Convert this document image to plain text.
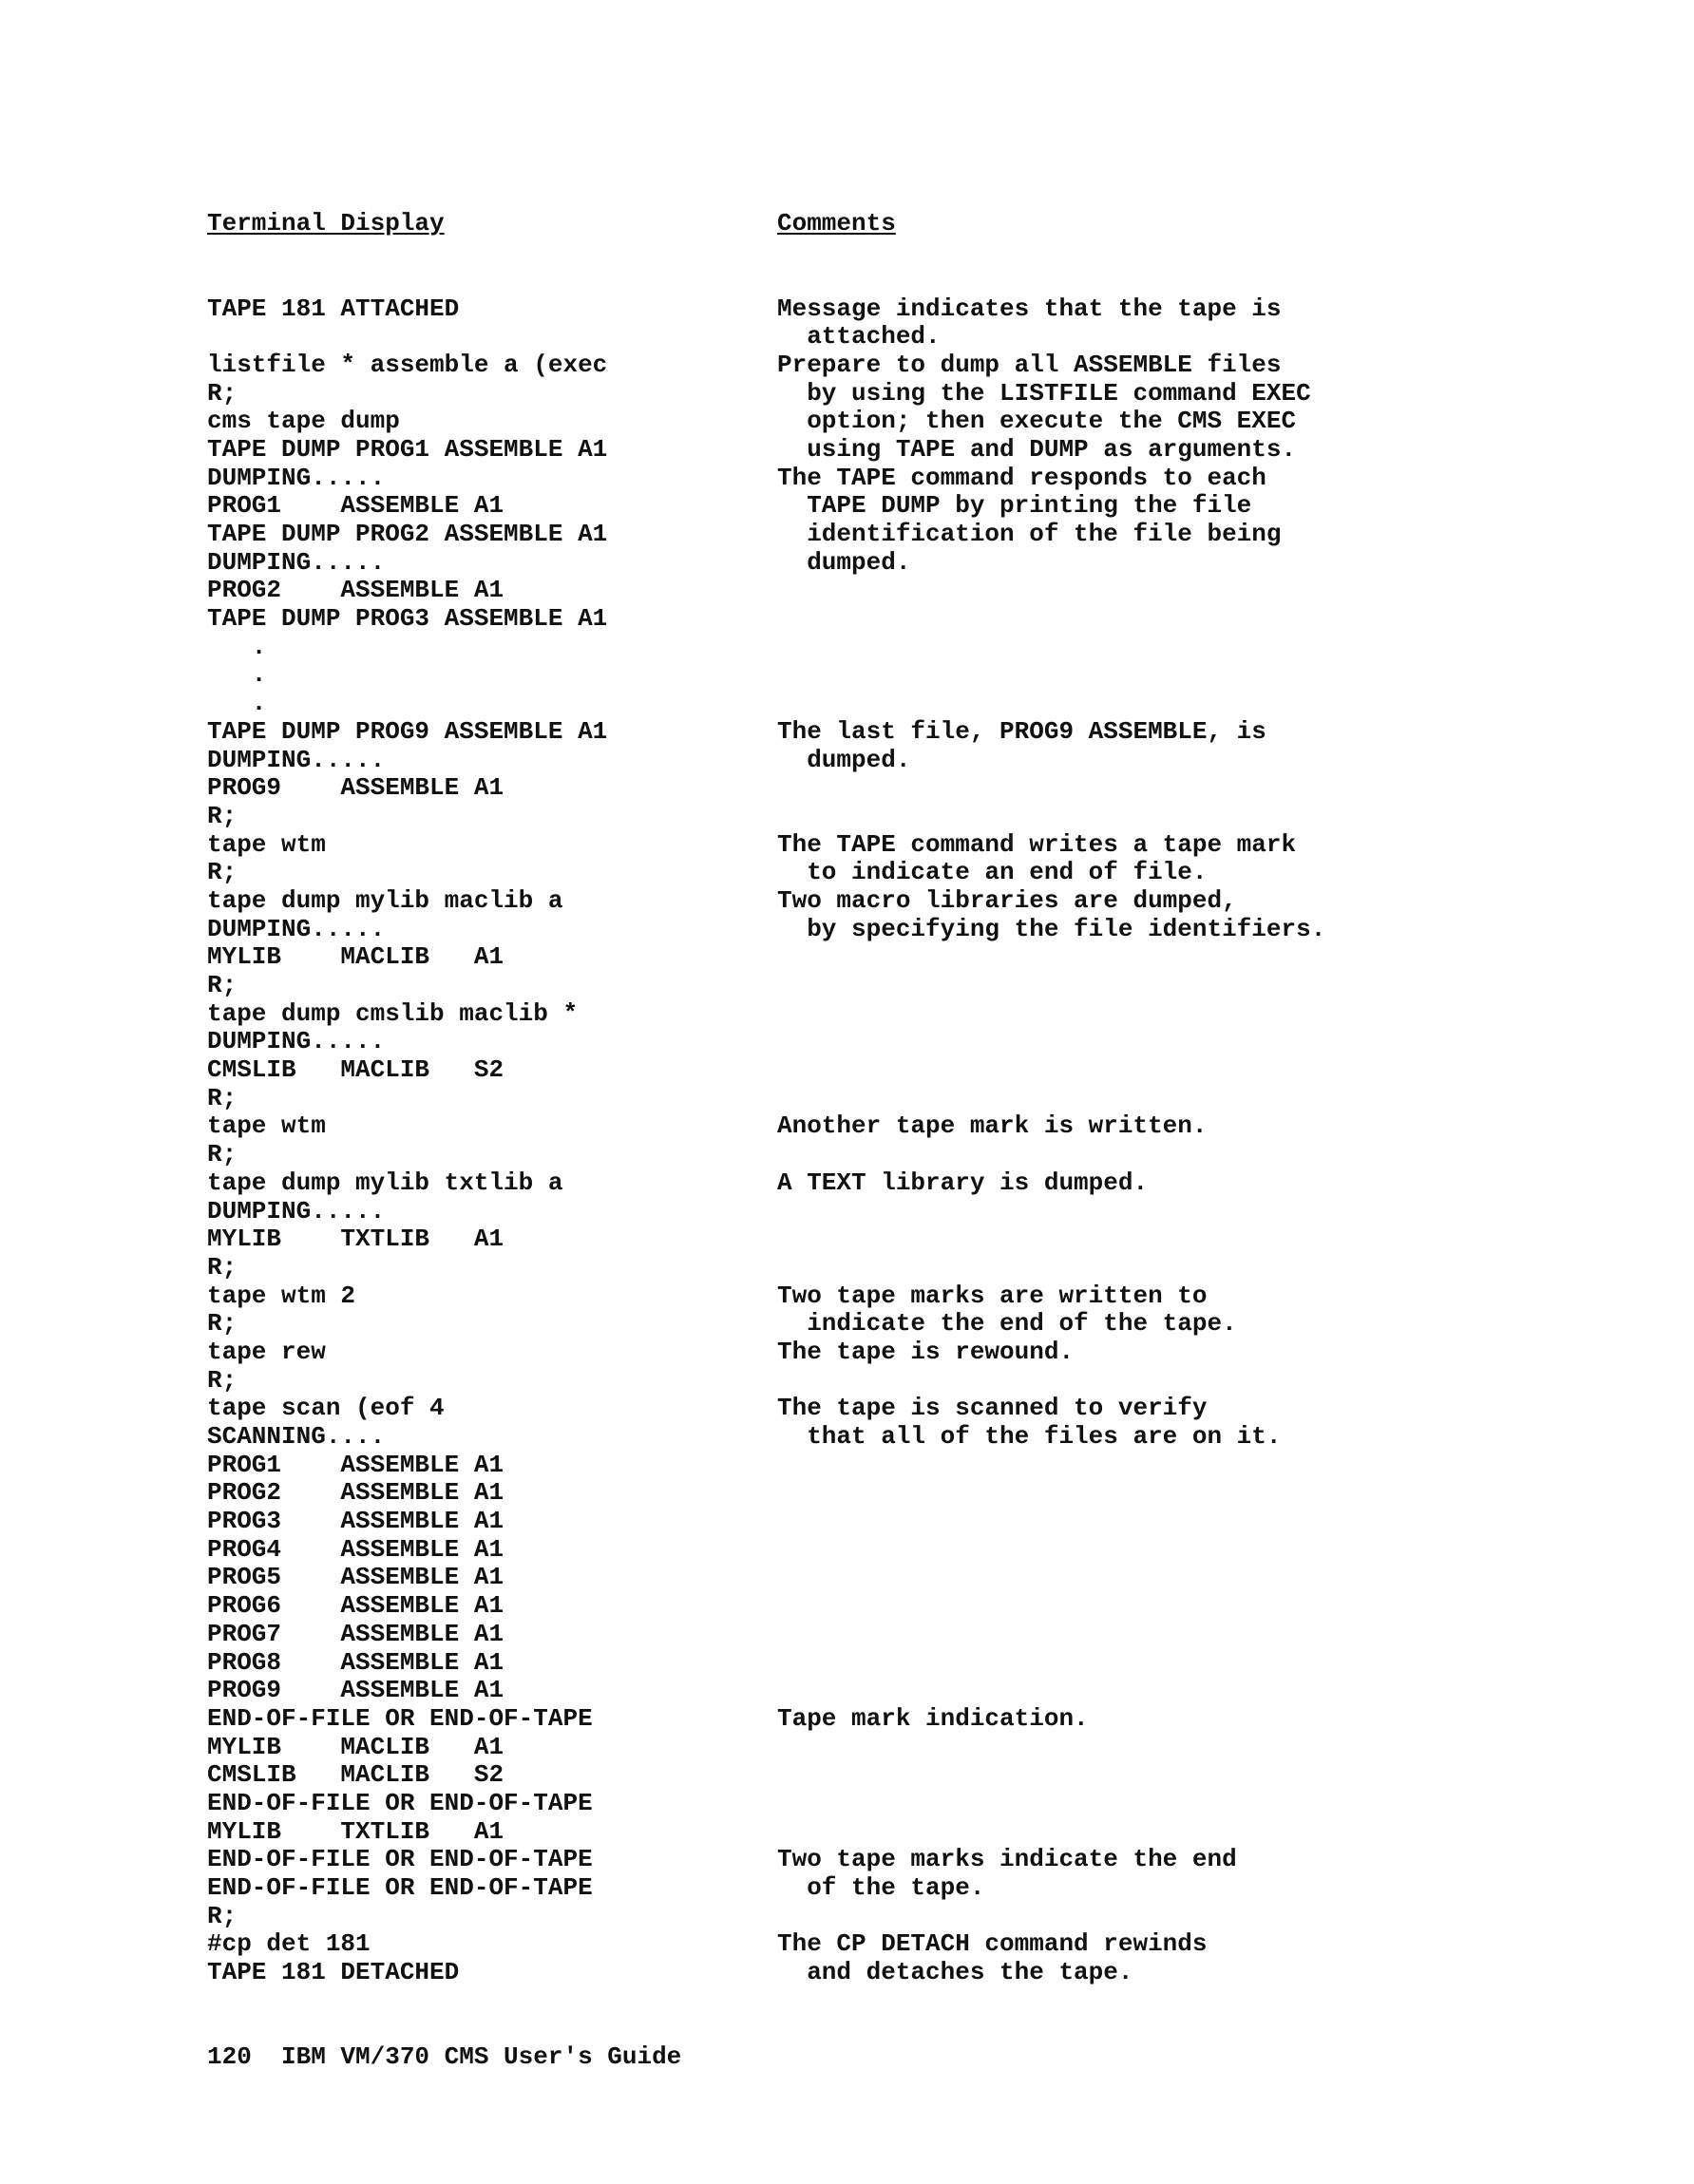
Terminal Display

TAPE 181 ATTACHED
listfile * assemble a (exec
R;
cms tape dump
TAPE DUMP PROG1 ASSEMBLE A1
DUMPING.....
PROG1    ASSEMBLE A1
TAPE DUMP PROG2 ASSEMBLE A1
DUMPING.....
PROG2    ASSEMBLE A1
TAPE DUMP PROG3 ASSEMBLE A1
.
.
.
TAPE DUMP PROG9 ASSEMBLE A1
DUMPING.....
PROG9    ASSEMBLE A1
R;
tape wtm
R;
tape dump mylib maclib a
DUMPING.....
MYLIB    MACLIB   A1
R;
tape dump cmslib maclib *
DUMPING.....
CMSLIB   MACLIB   S2
R;
tape wtm
R;
tape dump mylib txtlib a
DUMPING.....
MYLIB    TXTLIB   A1
R;
tape wtm 2
R;
tape rew
R;
tape scan (eof 4
SCANNING....
PROG1    ASSEMBLE A1
PROG2    ASSEMBLE A1
PROG3    ASSEMBLE A1
PROG4    ASSEMBLE A1
PROG5    ASSEMBLE A1
PROG6    ASSEMBLE A1
PROG7    ASSEMBLE A1
PROG8    ASSEMBLE A1
PROG9    ASSEMBLE A1
END-OF-FILE OR END-OF-TAPE
MYLIB    MACLIB   A1
CMSLIB   MACLIB   S2
END-OF-FILE OR END-OF-TAPE
MYLIB    TXTLIB   A1
END-OF-FILE OR END-OF-TAPE
END-OF-FILE OR END-OF-TAPE
R;
#cp det 181
TAPE 181 DETACHED

Comments

Message indicates that the tape is
attached.
Prepare to dump all ASSEMBLE files
by using the LISTFILE command EXEC
option; then execute the CMS EXEC
using TAPE and DUMP as arguments.
The TAPE command responds to each
TAPE DUMP by printing the file
identification of the file being
dumped.
The last file, PROG9 ASSEMBLE, is
dumped.
The TAPE command writes a tape mark
to indicate an end of file.
Two macro libraries are dumped,
by specifying the file identifiers.
Another tape mark is written.
A TEXT library is dumped.
Two tape marks are written to
indicate the end of the tape.
The tape is rewound.
The tape is scanned to verify
that all of the files are on it.
Tape mark indication.
Two tape marks indicate the end
of the tape.
The CP DETACH command rewinds
and detaches the tape.

120  IBM VM/370 CMS User's Guide
